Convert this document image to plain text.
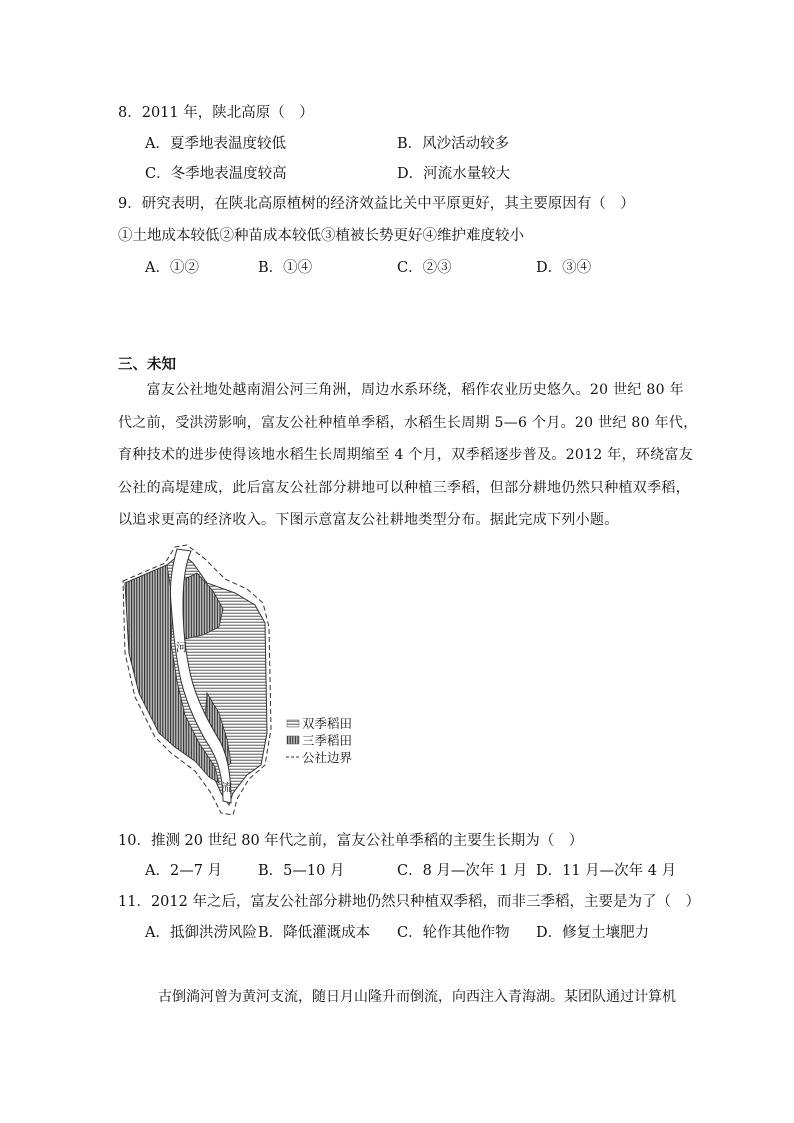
8．2011 年，陕北高原（　）
A．夏季地表温度较低	B．风沙活动较多
C．冬季地表温度较高	D．河流水量较大
9．研究表明，在陕北高原植树的经济效益比关中平原更好，其主要原因有（　）
①土地成本较低②种苗成本较低③植被长势更好④维护难度较小
A．①②	B．①④	C．②③	D．③④
三、未知

　　富友公社地处越南湄公河三角洲，周边水系环绕，稻作农业历史悠久。20 世纪 80 年

代之前，受洪涝影响，富友公社种植单季稻，水稻生长周期 5—6 个月。20 世纪 80 年代，

育种技术的进步使得该地水稻生长周期缩至 4 个月，双季稻逐步普及。2012 年，环绕富友

公社的高堤建成，此后富友公社部分耕地可以种植三季稻，但部分耕地仍然只种植双季稻，

以追求更高的经济收入。下图示意富友公社耕地类型分布。据此完成下列小题。

河
流
双季稻田
三季稻田
公社边界
10．推测 20 世纪 80 年代之前，富友公社单季稻的主要生长期为（　）
A．2—7 月 B．5—10 月	C．8 月—次年 1 月 D．11 月—次年 4 月
11．2012 年之后，富友公社部分耕地仍然只种植双季稻，而非三季稻，主要是为了（　）
A．抵御洪涝风险 B．降低灌溉成本 C．轮作其他作物 D．修复土壤肥力
古倒淌河曾为黄河支流，随日月山隆升而倒流，向西注入青海湖。某团队通过计算机
